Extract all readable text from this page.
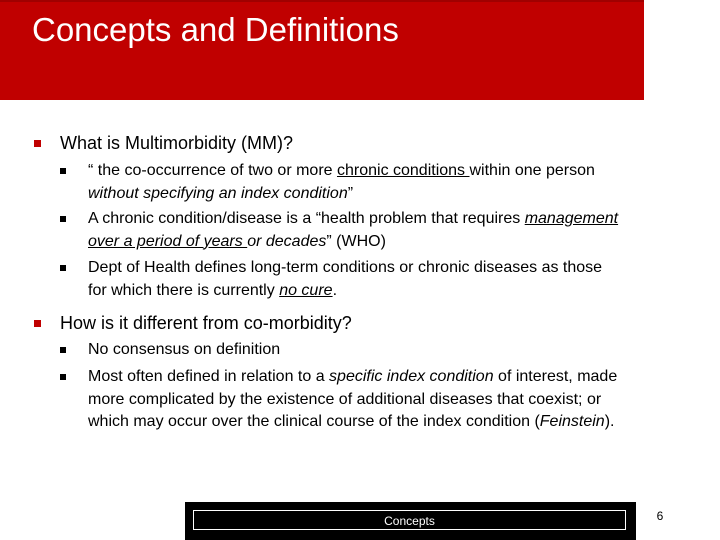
Concepts and Definitions
What is Multimorbidity (MM)?
“ the co-occurrence of two or more chronic conditions within one person without specifying an index condition”
A chronic condition/disease is a “health problem that requires management over a period of years or decades” (WHO)
Dept of Health defines long-term conditions or chronic diseases as those for which there is currently no cure.
How is it different from co-morbidity?
No consensus on definition
Most often defined in relation to a specific index condition of interest, made more complicated by the existence of additional diseases that coexist; or which may occur over the clinical course of the index condition (Feinstein).
Concepts	6
